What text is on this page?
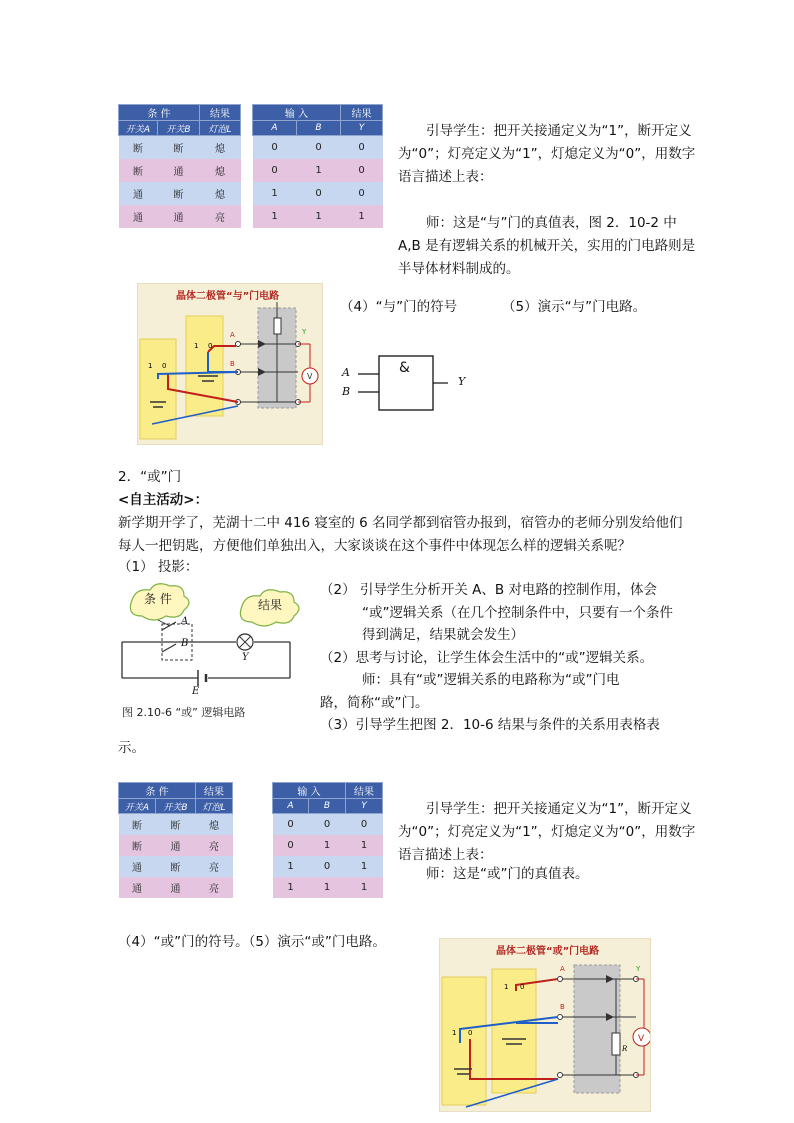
条 件		结果
开关A	开关B	灯泡L
断	断	熄
断	通	熄
通	断	熄
通	通	亮
输 入		结果
A	B	Y
0	0	0
0	1	0
1	0	0
1	1	1
引导学生：把开关接通定义为“1”，断开定义为“0”；灯亮定义为“1”，灯熄定义为“0”，用数字语言描述上表：
师：这是“与”门的真值表，图 2．10-2 中 A,B 是有逻辑关系的机械开关，实用的门电路则是半导体材料制成的。
晶体二极管“与”门电路
V
Y
A
B
1 0
1 0
（4）“与”门的符号	（5）演示“与”门电路。
&
A
B
Y
2．“或”门
<自主活动>：
新学期开学了，芜湖十二中 416 寝室的 6 名同学都到宿管办报到，宿管办的老师分别发给他们每人一把钥匙，方便他们单独出入，大家谈谈在这个事件中体现怎么样的逻辑关系呢？
（1） 投影：
条 件	结果
A
B
Y
E
图 2.10-6 “或” 逻辑电路
（2） 引导学生分析开关 A、B 对电路的控制作用，体会
“或”逻辑关系（在几个控制条件中，只要有一个条件
得到满足，结果就会发生）
（2）思考与讨论，让学生体会生活中的“或”逻辑关系。
师：具有“或”逻辑关系的电路称为“或”门电
路，简称“或”门。
（3）引导学生把图 2．10-6 结果与条件的关系用表格表
示。
条 件		结果
开关A	开关B	灯泡L
断	断	熄
断	通	亮
通	断	亮
通	通	亮
输 入		结果
A	B	Y
0	0	0
0	1	1
1	0	1
1	1	1
引导学生：把开关接通定义为“1”，断开定义为“0”；灯亮定义为“1”，灯熄定义为“0”，用数字语言描述上表：
师：这是“或”门的真值表。
（4）“或”门的符号。（5）演示“或”门电路。
晶体二极管“或”门电路
V
Y
A
B
R
1 0
1 0
